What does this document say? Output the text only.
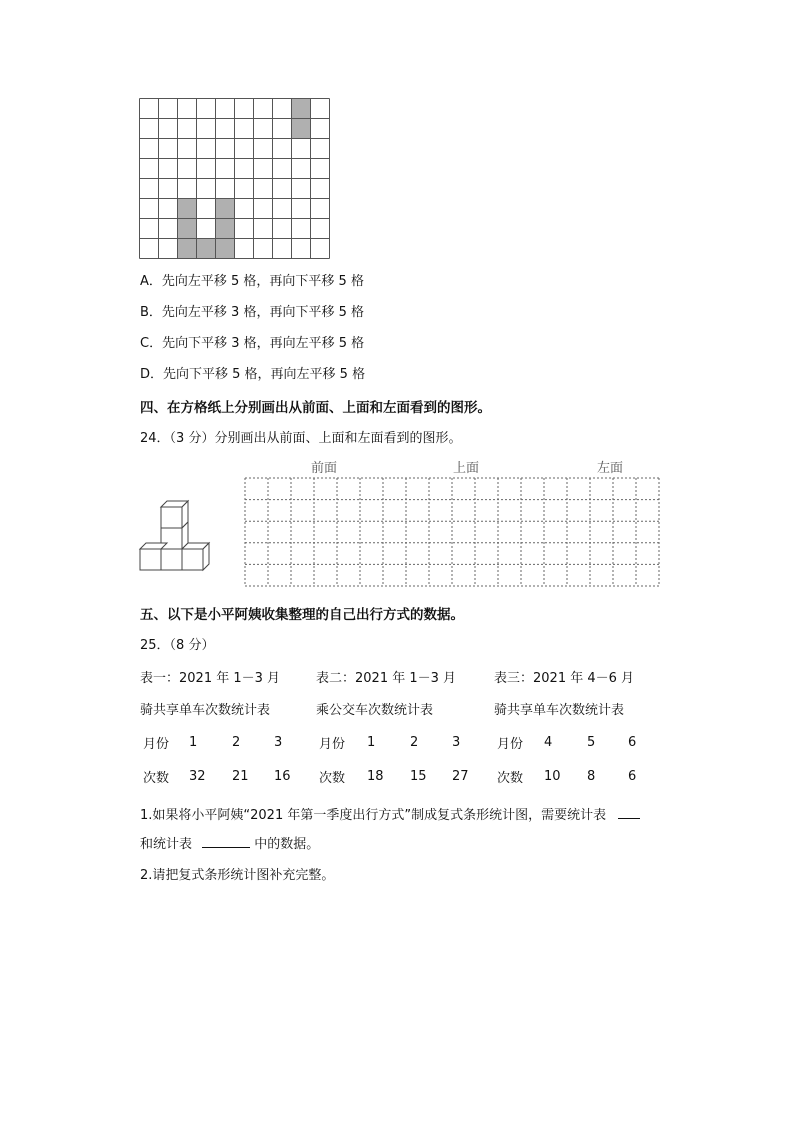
A．先向左平移 5 格，再向下平移 5 格
B．先向左平移 3 格，再向下平移 5 格
C．先向下平移 3 格，再向左平移 5 格
D．先向下平移 5 格，再向左平移 5 格
四、在方格纸上分别画出从前面、上面和左面看到的图形。
24．（3 分）分别画出从前面、上面和左面看到的图形。
前面	上面	左面
五、以下是小平阿姨收集整理的自己出行方式的数据。
25．（8 分）
表一：2021 年 1－3 月
骑共享单车次数统计表
月份 1	2	3
次数 32 21 16
表二：2021 年 1－3 月
乘公交车次数统计表
月份 1	2	3
次数 18 15 27
表三：2021 年 4－6 月
骑共享单车次数统计表
月份 4	5	6
次数 10 8	6
1.如果将小平阿姨“2021 年第一季度出行方式”制成复式条形统计图，需要统计表
和统计表	中的数据。
2.请把复式条形统计图补充完整。
